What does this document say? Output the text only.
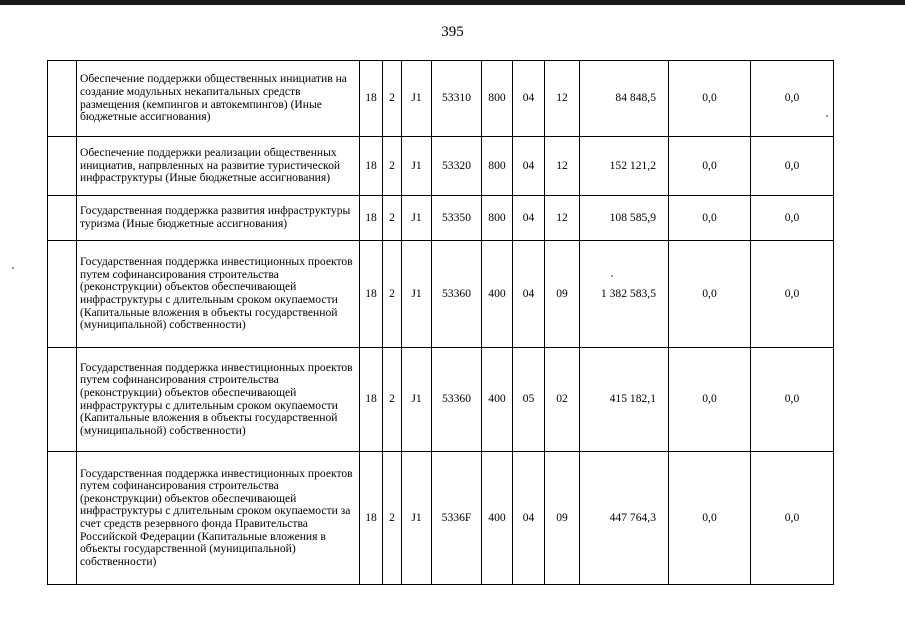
395
	Обеспечение поддержки общественных инициатив на создание модульных некапитальных средств размещения (кемпингов и автокемпингов) (Иные бюджетные ассигнования)	18	2	J1	53310	800	04	12	84 848,5	0,0	0,0
	Обеспечение поддержки реализации общественных инициатив, напрвленных на развитие туристической инфраструктуры (Иные бюджетные ассигнования)	18	2	J1	53320	800	04	12	152 121,2	0,0	0,0
	Государственная поддержка развития инфраструктуры туризма (Иные бюджетные ассигнования)	18	2	J1	53350	800	04	12	108 585,9	0,0	0,0
	Государственная поддержка инвестиционных проектов путем софинансирования строительства (реконструкции) объектов обеспечивающей инфраструктуры с длительным сроком окупаемости (Капитальные вложения в объекты государственной (муниципальной) собственности)	18	2	J1	53360	400	04	09	1 382 583,5	0,0	0,0
	Государственная поддержка инвестиционных проектов путем софинансирования строительства (реконструкции) объектов обеспечивающей инфраструктуры с длительным сроком окупаемости (Капитальные вложения в объекты государственной (муниципальной) собственности)	18	2	J1	53360	400	05	02	415 182,1	0,0	0,0
	Государственная поддержка инвестиционных проектов путем софинансирования строительства (реконструкции) объектов обеспечивающей инфраструктуры с длительным сроком окупаемости за счет средств резервного фонда Правительства Российской Федерации (Капитальные вложения в объекты государственной (муниципальной) собственности)	18	2	J1	5336F	400	04	09	447 764,3	0,0	0,0
